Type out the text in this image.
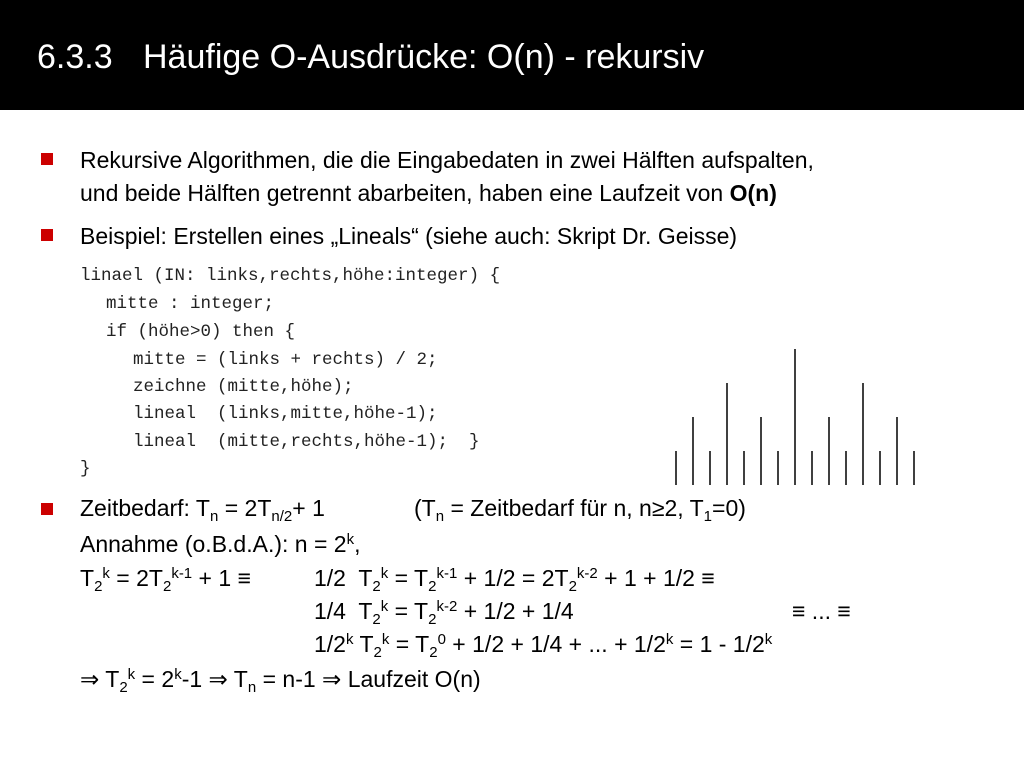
6.3.3 Häufige O-Ausdrücke: O(n) - rekursiv
Rekursive Algorithmen, die die Eingabedaten in zwei Hälften aufspalten,
und beide Hälften getrennt abarbeiten, haben eine Laufzeit von O(n)
Beispiel: Erstellen eines „Lineals“ (siehe auch: Skript Dr. Geisse)
linael (IN: links,rechts,höhe:integer) {
mitte : integer;
if (höhe>0) then {
mitte = (links + rechts) / 2;
zeichne (mitte,höhe);
lineal  (links,mitte,höhe-1);
lineal  (mitte,rechts,höhe-1);  }
}
Zeitbedarf: $T_n = 2T_{n/2}+ 1$	($T_n$ = Zeitbedarf für n, n≥2, $T_1=0$)
Annahme (o.B.d.A.): $n = 2^k$,
$T_2^k = 2T_2^{k-1} + 1$ ≡	1/2 $T_2^k = T_2^{k-1} + 1/2 = 2T_2^{k-2} + 1 + 1/2$ ≡
1/4 $T_2^k = T_2^{k-2} + 1/2 + 1/4$	≡ ... ≡
$1/2^k$ $T_2^k = T_2^0 + 1/2 + 1/4$ + ... + $1/2^k = 1 - 1/2^k$
⇒ $T_2^k = 2^k-1$ ⇒ $T_n = n-1$ ⇒ Laufzeit O(n)
